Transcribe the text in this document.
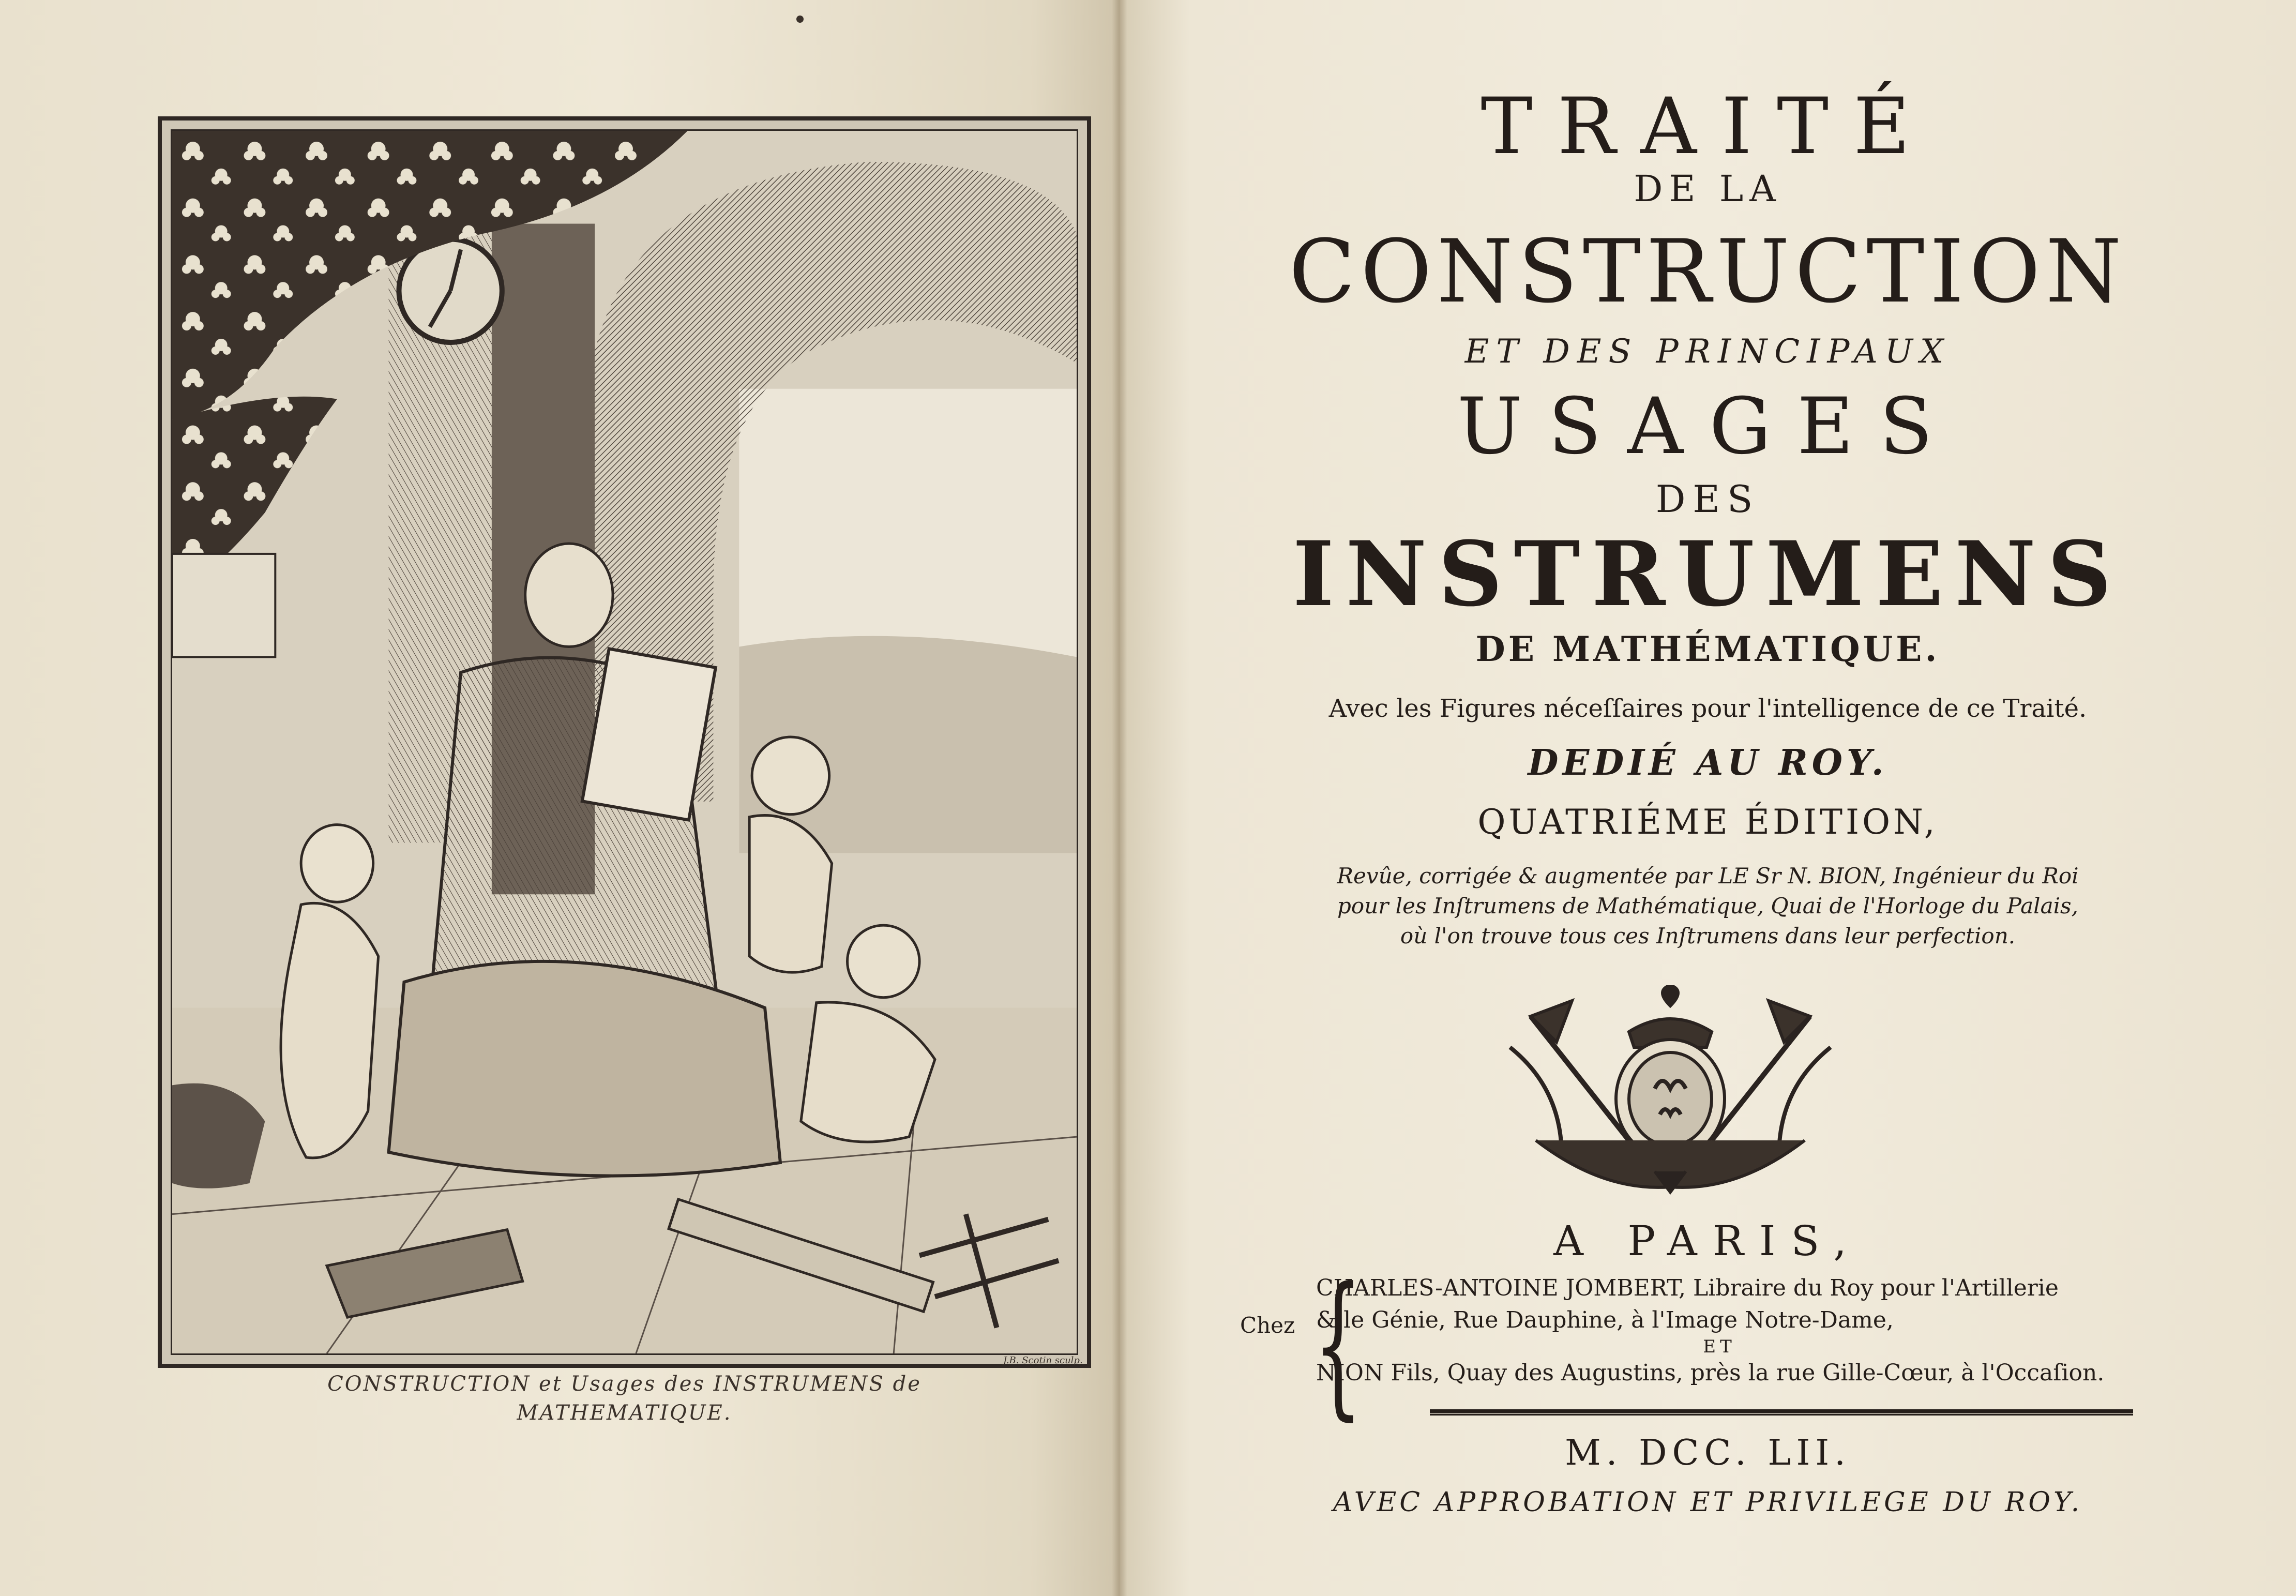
CONSTRUCTION et Usages des INSTRUMENS de
MATHEMATIQUE.
J.B. Scotin sculp.
TRAITÉ
DE LA
CONSTRUCTION
ET DES PRINCIPAUX
USAGES
DES
INSTRUMENS
DE MATHÉMATIQUE.
Avec les Figures néceſſaires pour l'intelligence de ce Traité.
DEDIÉ AU ROY.
QUATRIÉME ÉDITION,
Revûe, corrigée & augmentée par LE Sr N. BION, Ingénieur du Roi
pour les Inſtrumens de Mathématique, Quai de l'Horloge du Palais,
où l'on trouve tous ces Inſtrumens dans leur perfection.
A PARIS,
Chez {
CHARLES-ANTOINE JOMBERT, Libraire du Roy pour l'Artillerie
& le Génie, Rue Dauphine, à l'Image Notre-Dame,
ET
NION Fils, Quay des Augustins, près la rue Gille-Cœur, à l'Occaſion.
M. DCC. LII.
AVEC APPROBATION ET PRIVILEGE DU ROY.
